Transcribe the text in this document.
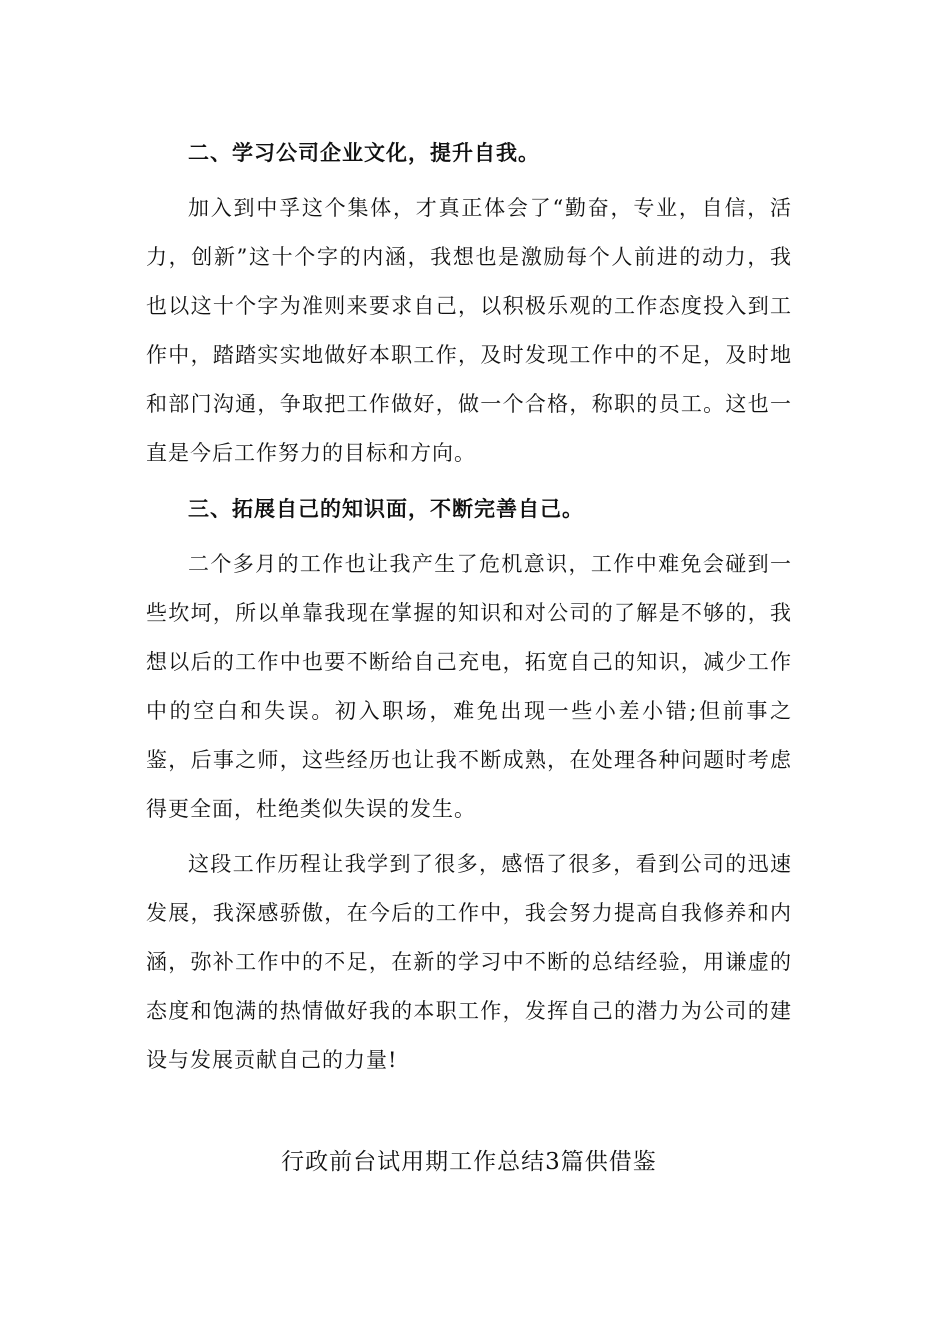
二、学习公司企业文化，提升自我。

加入到中孚这个集体，才真正体会了“勤奋，专业，自信，活力，创新”这十个字的内涵，我想也是激励每个人前进的动力，我也以这十个字为准则来要求自己，以积极乐观的工作态度投入到工作中，踏踏实实地做好本职工作，及时发现工作中的不足，及时地和部门沟通，争取把工作做好，做一个合格，称职的员工。这也一直是今后工作努力的目标和方向。

三、拓展自己的知识面，不断完善自己。

二个多月的工作也让我产生了危机意识，工作中难免会碰到一些坎坷，所以单靠我现在掌握的知识和对公司的了解是不够的，我想以后的工作中也要不断给自己充电，拓宽自己的知识，减少工作中的空白和失误。初入职场，难免出现一些小差小错;但前事之鉴，后事之师，这些经历也让我不断成熟，在处理各种问题时考虑得更全面，杜绝类似失误的发生。

这段工作历程让我学到了很多，感悟了很多，看到公司的迅速发展，我深感骄傲，在今后的工作中，我会努力提高自我修养和内涵，弥补工作中的不足，在新的学习中不断的总结经验，用谦虚的态度和饱满的热情做好我的本职工作，发挥自己的潜力为公司的建设与发展贡献自己的力量!

行政前台试用期工作总结3篇供借鉴
